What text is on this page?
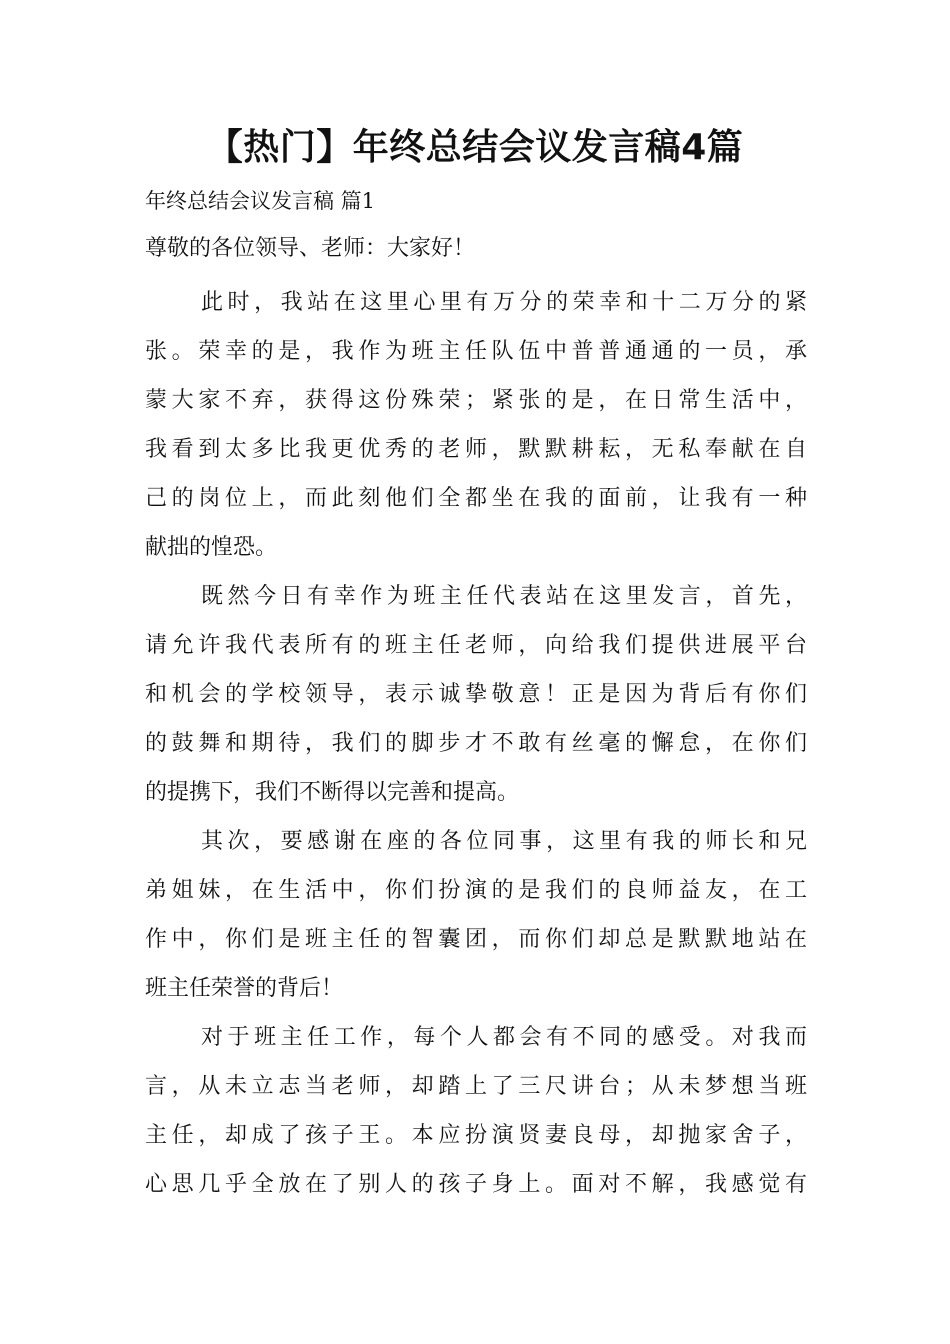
【热门】年终总结会议发言稿4篇
年终总结会议发言稿 篇1
尊敬的各位领导、老师：大家好！
此时，我站在这里心里有万分的荣幸和十二万分的紧
张。荣幸的是，我作为班主任队伍中普普通通的一员，承
蒙大家不弃，获得这份殊荣；紧张的是，在日常生活中，
我看到太多比我更优秀的老师，默默耕耘，无私奉献在自
己的岗位上，而此刻他们全都坐在我的面前，让我有一种
献拙的惶恐。
既然今日有幸作为班主任代表站在这里发言，首先，
请允许我代表所有的班主任老师，向给我们提供进展平台
和机会的学校领导，表示诚挚敬意！正是因为背后有你们
的鼓舞和期待，我们的脚步才不敢有丝毫的懈怠，在你们
的提携下，我们不断得以完善和提高。
其次，要感谢在座的各位同事，这里有我的师长和兄
弟姐妹，在生活中，你们扮演的是我们的良师益友，在工
作中，你们是班主任的智囊团，而你们却总是默默地站在
班主任荣誉的背后！
对于班主任工作，每个人都会有不同的感受。对我而
言，从未立志当老师，却踏上了三尺讲台；从未梦想当班
主任，却成了孩子王。本应扮演贤妻良母，却抛家舍子，
心思几乎全放在了别人的孩子身上。面对不解，我感觉有
